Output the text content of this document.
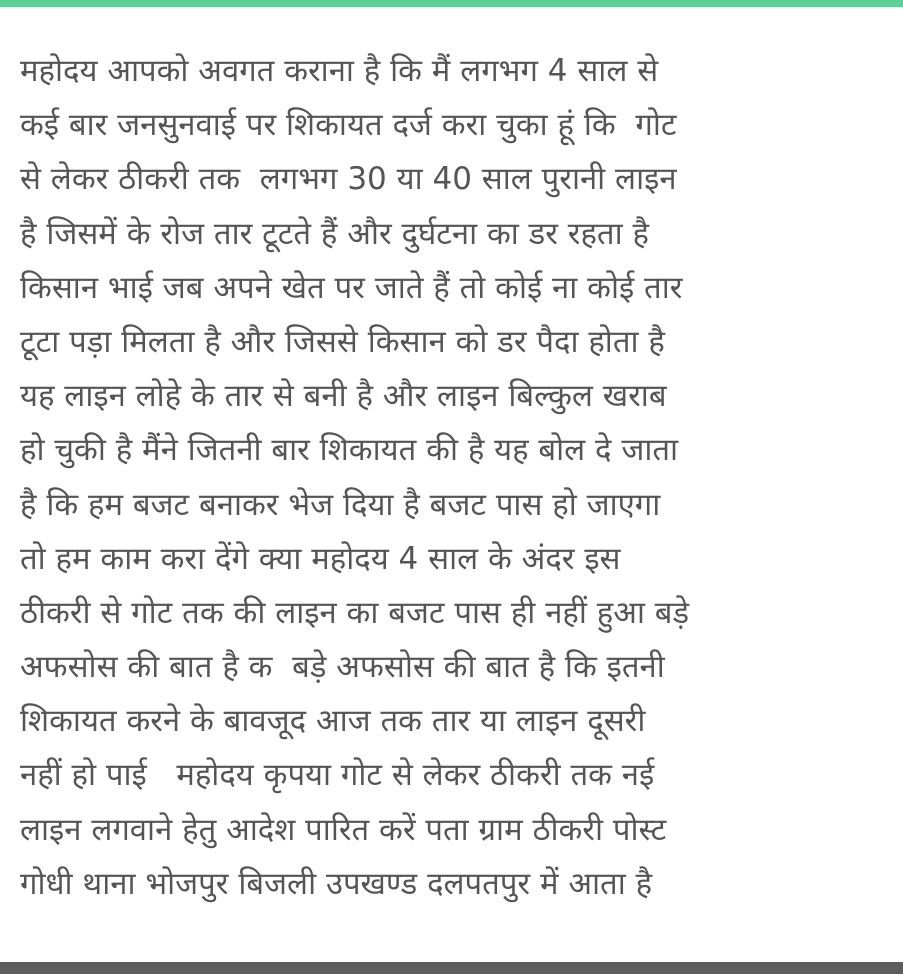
महोदय आपको अवगत कराना है कि मैं लगभग 4 साल से
कई बार जनसुनवाई पर शिकायत दर्ज करा चुका हूं कि  गोट
से लेकर ठीकरी तक  लगभग 30 या 40 साल पुरानी लाइन
है जिसमें के रोज तार टूटते हैं और दुर्घटना का डर रहता है
किसान भाई जब अपने खेत पर जाते हैं तो कोई ना कोई तार
टूटा पड़ा मिलता है और जिससे किसान को डर पैदा होता है
यह लाइन लोहे के तार से बनी है और लाइन बिल्कुल खराब
हो चुकी है मैंने जितनी बार शिकायत की है यह बोल दे जाता
है कि हम बजट बनाकर भेज दिया है बजट पास हो जाएगा
तो हम काम करा देंगे क्या महोदय 4 साल के अंदर इस
ठीकरी से गोट तक की लाइन का बजट पास ही नहीं हुआ बड़े
अफसोस की बात है क  बड़े अफसोस की बात है कि इतनी
शिकायत करने के बावजूद आज तक तार या लाइन दूसरी
नहीं हो पाई   महोदय कृपया गोट से लेकर ठीकरी तक नई
लाइन लगवाने हेतु आदेश पारित करें पता ग्राम ठीकरी पोस्ट
गोधी थाना भोजपुर बिजली उपखण्ड दलपतपुर में आता है
